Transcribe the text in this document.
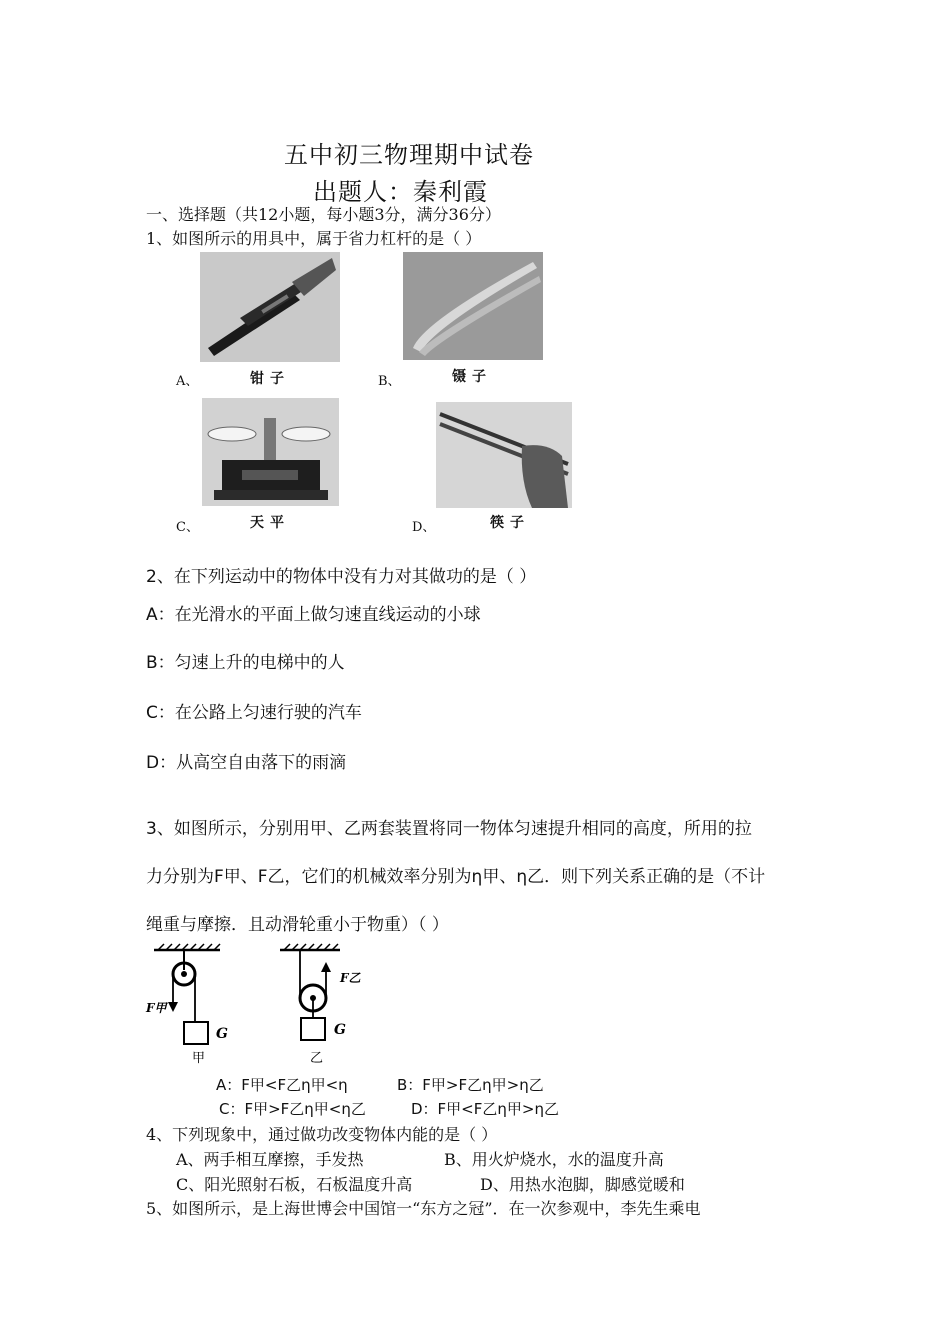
五中初三物理期中试卷
出题人：秦利霞
一、选择题（共12小题，每小题3分，满分36分）
1、如图所示的用具中，属于省力杠杆的是（ ）
A、	钳子	B、	镊子
C、	天平	D、	筷子
2、在下列运动中的物体中没有力对其做功的是（ ）
A：在光滑水的平面上做匀速直线运动的小球
B：匀速上升的电梯中的人
C：在公路上匀速行驶的汽车
D：从高空自由落下的雨滴
3、如图所示，分别用甲、乙两套装置将同一物体匀速提升相同的高度，所用的拉
力分别为F甲、F乙，它们的机械效率分别为η甲、η乙．则下列关系正确的是（不计
绳重与摩擦．且动滑轮重小于物重）（ ）
F甲
G
甲
F乙
G
乙
A：F甲<F乙η甲<η	B：F甲>F乙η甲>η乙
C：F甲>F乙η甲<η乙	D：F甲<F乙η甲>η乙
4、下列现象中，通过做功改变物体内能的是（ ）
A、两手相互摩擦，手发热	B、用火炉烧水，水的温度升高
C、阳光照射石板，石板温度升高	D、用热水泡脚，脚感觉暖和
5、如图所示，是上海世博会中国馆一“东方之冠”．在一次参观中，李先生乘电
